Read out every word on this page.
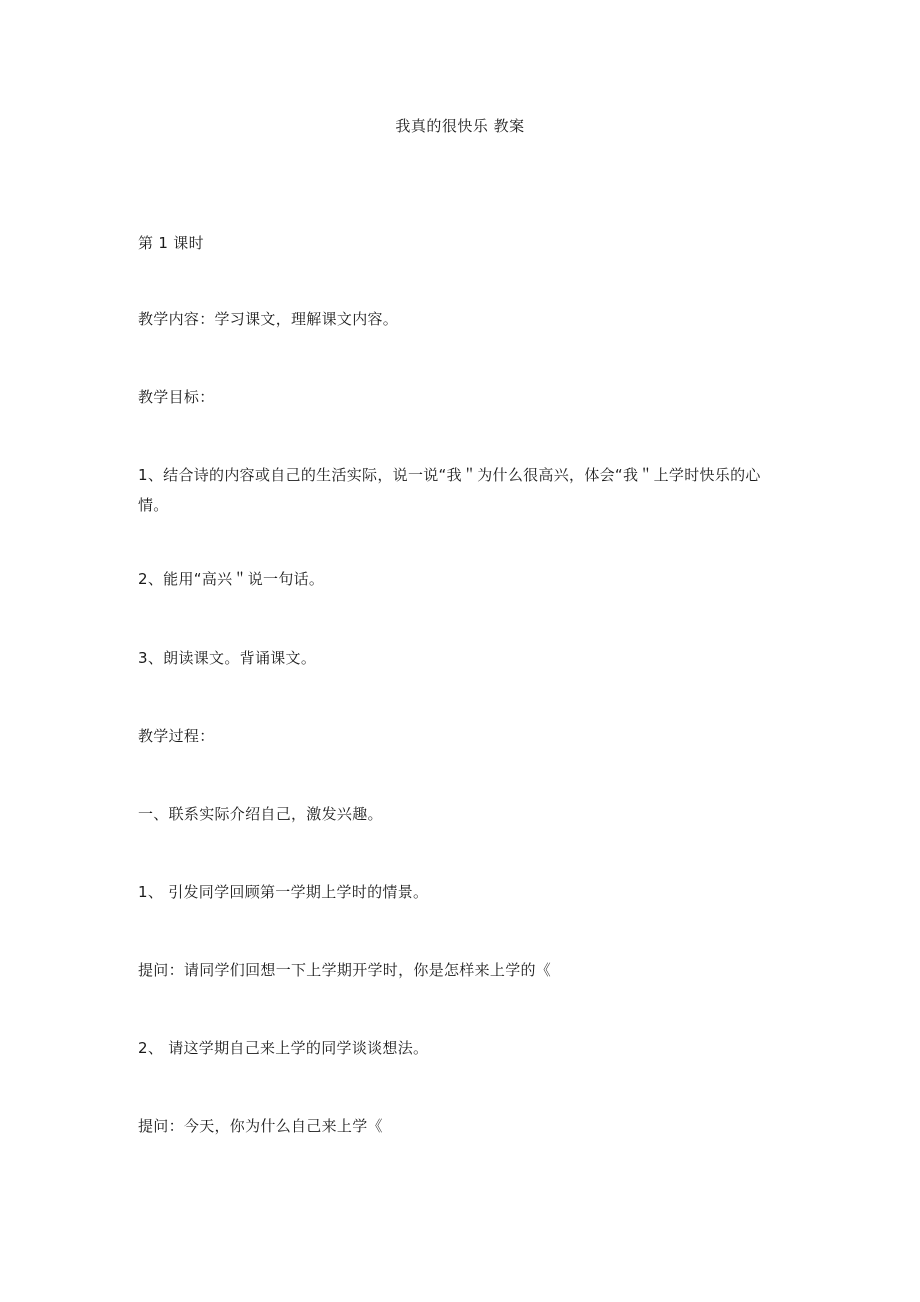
我真的很快乐 教案

第 1 课时

教学内容：学习课文，理解课文内容。

教学目标：

1、结合诗的内容或自己的生活实际，说一说“我＂为什么很高兴，体会“我＂上学时快乐的心情。

2、能用“高兴＂说一句话。

3、朗读课文。背诵课文。

教学过程：

一、联系实际介绍自己，激发兴趣。

1、 引发同学回顾第一学期上学时的情景。

提问：请同学们回想一下上学期开学时，你是怎样来上学的《

2、 请这学期自己来上学的同学谈谈想法。

提问：今天，你为什么自己来上学《
